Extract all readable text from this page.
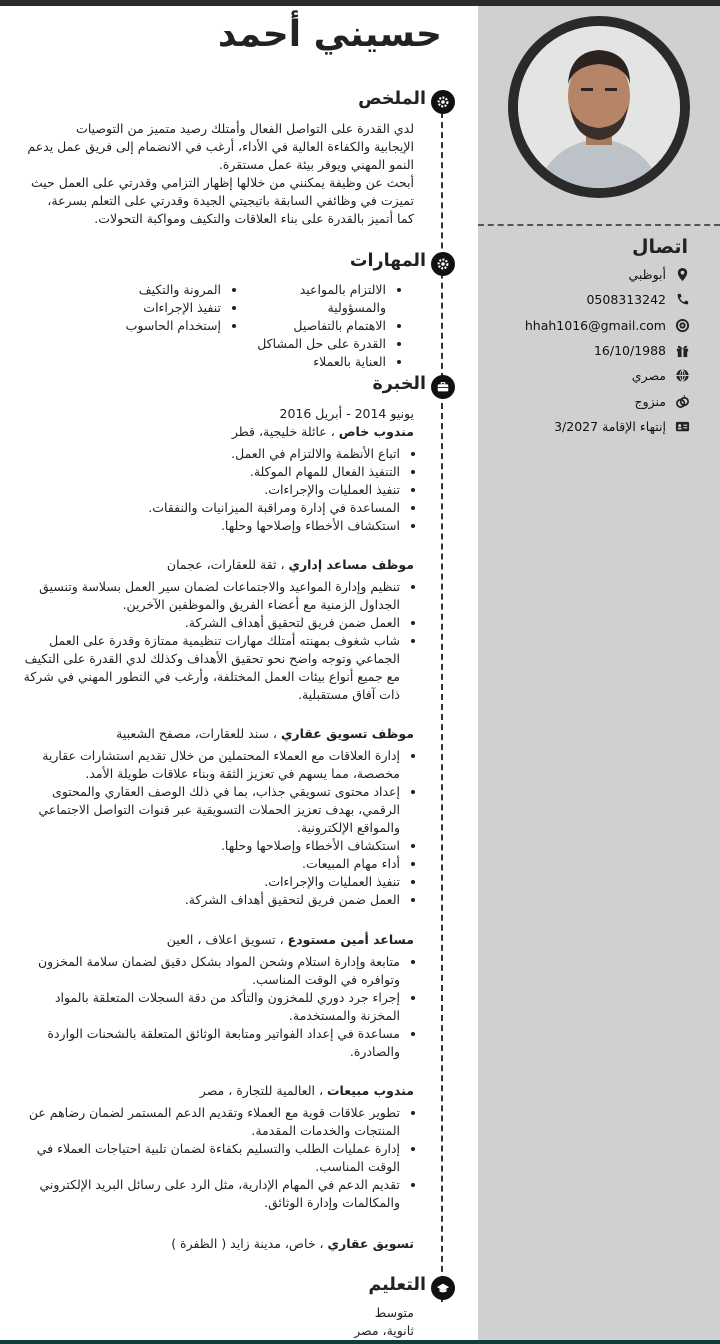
اتصال
أبوظبي
0508313242
hhah1016@gmail.com
16/10/1988
مصري
منزوج
إنتهاء الإقامة 3/2027
حسيني أحمد
الملخص
لدي القدرة على التواصل الفعال وأمتلك رصيد متميز من التوصيات
الإيجابية والكفاءة العالية في الأداء، أرغب في الانضمام إلى فريق عمل يدعم
النمو المهني ويوفر بيئة عمل مستقرة.
أبحث عن وظيفة يمكنني من خلالها إظهار التزامي وقدرتي على العمل حيث
تميزت في وظائفي السابقة باتيجيتي الجيدة وقدرتي على التعلم بسرعة،
كما أتميز بالقدرة على بناء العلاقات والتكيف ومواكبة التحولات.
المهارات
• الالتزام بالمواعيد والمسؤولية
• الاهتمام بالتفاصيل
• القدرة على حل المشاكل
• العناية بالعملاء
• المرونة والتكيف
• تنفيذ الإجراءات
• إستخدام الحاسوب
الخبرة
يونيو 2014 - أبريل 2016
مندوب خاص ، عائلة خليجية، قطر
• اتباع الأنظمة والالتزام في العمل.
• التنفيذ الفعال للمهام الموكلة.
• تنفيذ العمليات والإجراءات.
• المساعدة في إدارة ومراقبة الميزانيات والنفقات.
• استكشاف الأخطاء وإصلاحها وحلها.
موظف مساعد إداري ، ثقة للعقارات، عجمان
• تنظيم وإدارة المواعيد والاجتماعات لضمان سير العمل بسلاسة وتنسيق الجداول الزمنية مع أعضاء الفريق والموظفين الآخرين.
• العمل ضمن فريق لتحقيق أهداف الشركة.
• شاب شغوف بمهنته أمتلك مهارات تنظيمية ممتازة وقدرة على العمل الجماعي وتوجه واضح نحو تحقيق الأهداف وكذلك لدي القدرة على التكيف مع جميع أنواع بيئات العمل المختلفة، وأرغب في التطور المهني في شركة ذات آفاق مستقبلية.
موظف تسويق عقاري ، سند للعقارات، مصفح الشعبية
• إدارة العلاقات مع العملاء المحتملين من خلال تقديم استشارات عقارية مخصصة، مما يسهم في تعزيز الثقة وبناء علاقات طويلة الأمد.
• إعداد محتوى تسويقي جذاب، بما في ذلك الوصف العقاري والمحتوى الرقمي، بهدف تعزيز الحملات التسويقية عبر قنوات التواصل الاجتماعي والمواقع الإلكترونية.
• استكشاف الأخطاء وإصلاحها وحلها.
• أداء مهام المبيعات.
• تنفيذ العمليات والإجراءات.
• العمل ضمن فريق لتحقيق أهداف الشركة.
مساعد أمين مستودع ، تسويق اعلاف ، العين
• متابعة وإدارة استلام وشحن المواد بشكل دقيق لضمان سلامة المخزون وتوافره في الوقت المناسب.
• إجراء جرد دوري للمخزون والتأكد من دقة السجلات المتعلقة بالمواد المخزنة والمستخدمة.
• مساعدة في إعداد الفواتير ومتابعة الوثائق المتعلقة بالشحنات الواردة والصادرة.
مندوب مبيعات ، العالمية للتجارة ، مصر
• تطوير علاقات قوية مع العملاء وتقديم الدعم المستمر لضمان رضاهم عن المنتجات والخدمات المقدمة.
• إدارة عمليات الطلب والتسليم بكفاءة لضمان تلبية احتياجات العملاء في الوقت المناسب.
• تقديم الدعم في المهام الإدارية، مثل الرد على رسائل البريد الإلكتروني والمكالمات وإدارة الوثائق.
تسويق عقاري ، خاص، مدينة زايد ( الظفرة )
التعليم
متوسط
ثانوية، مصر
